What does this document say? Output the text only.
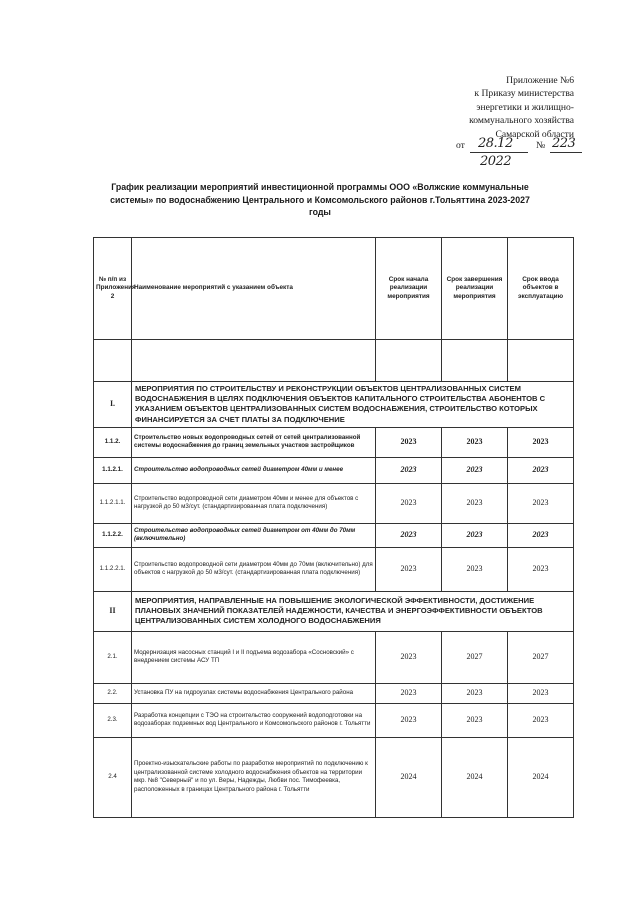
Приложение №6
к Приказу министерства
энергетики и жилищно-
коммунального хозяйства
Самарской области
от 28.12 № 223
2022
График реализации мероприятий инвестиционной программы ООО «Волжские коммунальные системы» по водоснабжению Центрального и Комсомольского районов г.Тольяттина 2023-2027 годы
№ п/п из Приложения 2	Наименование мероприятий с указанием объекта	Срок начала реализации мероприятия	Срок завершения реализации мероприятия	Срок ввода объектов в эксплуатацию

I.	МЕРОПРИЯТИЯ ПО СТРОИТЕЛЬСТВУ И РЕКОНСТРУКЦИИ ОБЪЕКТОВ ЦЕНТРАЛИЗОВАННЫХ СИСТЕМ ВОДОСНАБЖЕНИЯ В ЦЕЛЯХ ПОДКЛЮЧЕНИЯ ОБЪЕКТОВ КАПИТАЛЬНОГО СТРОИТЕЛЬСТВА АБОНЕНТОВ С УКАЗАНИЕМ ОБЪЕКТОВ ЦЕНТРАЛИЗОВАННЫХ СИСТЕМ ВОДОСНАБЖЕНИЯ, СТРОИТЕЛЬСТВО КОТОРЫХ ФИНАНСИРУЕТСЯ ЗА СЧЕТ ПЛАТЫ ЗА ПОДКЛЮЧЕНИЕ			
1.1.2.	Строительство новых водопроводных сетей от сетей централизованной системы водоснабжения до границ земельных участков застройщиков	2023	2023	2023
1.1.2.1.	Строительство водопроводных сетей диаметром 40мм и менее	2023	2023	2023
1.1.2.1.1.	Строительство водопроводной сети диаметром 40мм и менее для объектов с нагрузкой до 50 м3/сут. (стандартизированная плата подключения)	2023	2023	2023
1.1.2.2.	Строительство водопроводных сетей диаметром от 40мм до 70мм (включительно)	2023	2023	2023
1.1.2.2.1.	Строительство водопроводной сети диаметром 40мм до 70мм (включительно) для объектов с нагрузкой до 50 м3/сут. (стандартизированная плата подключения)	2023	2023	2023
II	МЕРОПРИЯТИЯ, НАПРАВЛЕННЫЕ НА ПОВЫШЕНИЕ ЭКОЛОГИЧЕСКОЙ ЭФФЕКТИВНОСТИ, ДОСТИЖЕНИЕ ПЛАНОВЫХ ЗНАЧЕНИЙ ПОКАЗАТЕЛЕЙ НАДЕЖНОСТИ, КАЧЕСТВА И ЭНЕРГОЭФФЕКТИВНОСТИ ОБЪЕКТОВ ЦЕНТРАЛИЗОВАННЫХ СИСТЕМ ХОЛОДНОГО ВОДОСНАБЖЕНИЯ			
2.1.	Модернизация насосных станций I и II подъема водозабора «Сосновский» с внедрением системы АСУ ТП	2023	2027	2027
2.2.	Установка ПУ на гидроузлах системы водоснабжения Центрального района	2023	2023	2023
2.3.	Разработка концепции с ТЭО на строительство сооружений водоподготовки на водозаборах подземных вод Центрального и Комсомольского районов г. Тольятти	2023	2023	2023
2.4	Проектно-изыскательские работы по разработке мероприятий по подключению к централизованной системе холодного водоснабжения объектов на территории мкр. №8 "Северный" и по ул. Веры, Надежды, Любви пос. Тимофеевка, расположенных в границах Центрального района г. Тольятти	2024	2024	2024
